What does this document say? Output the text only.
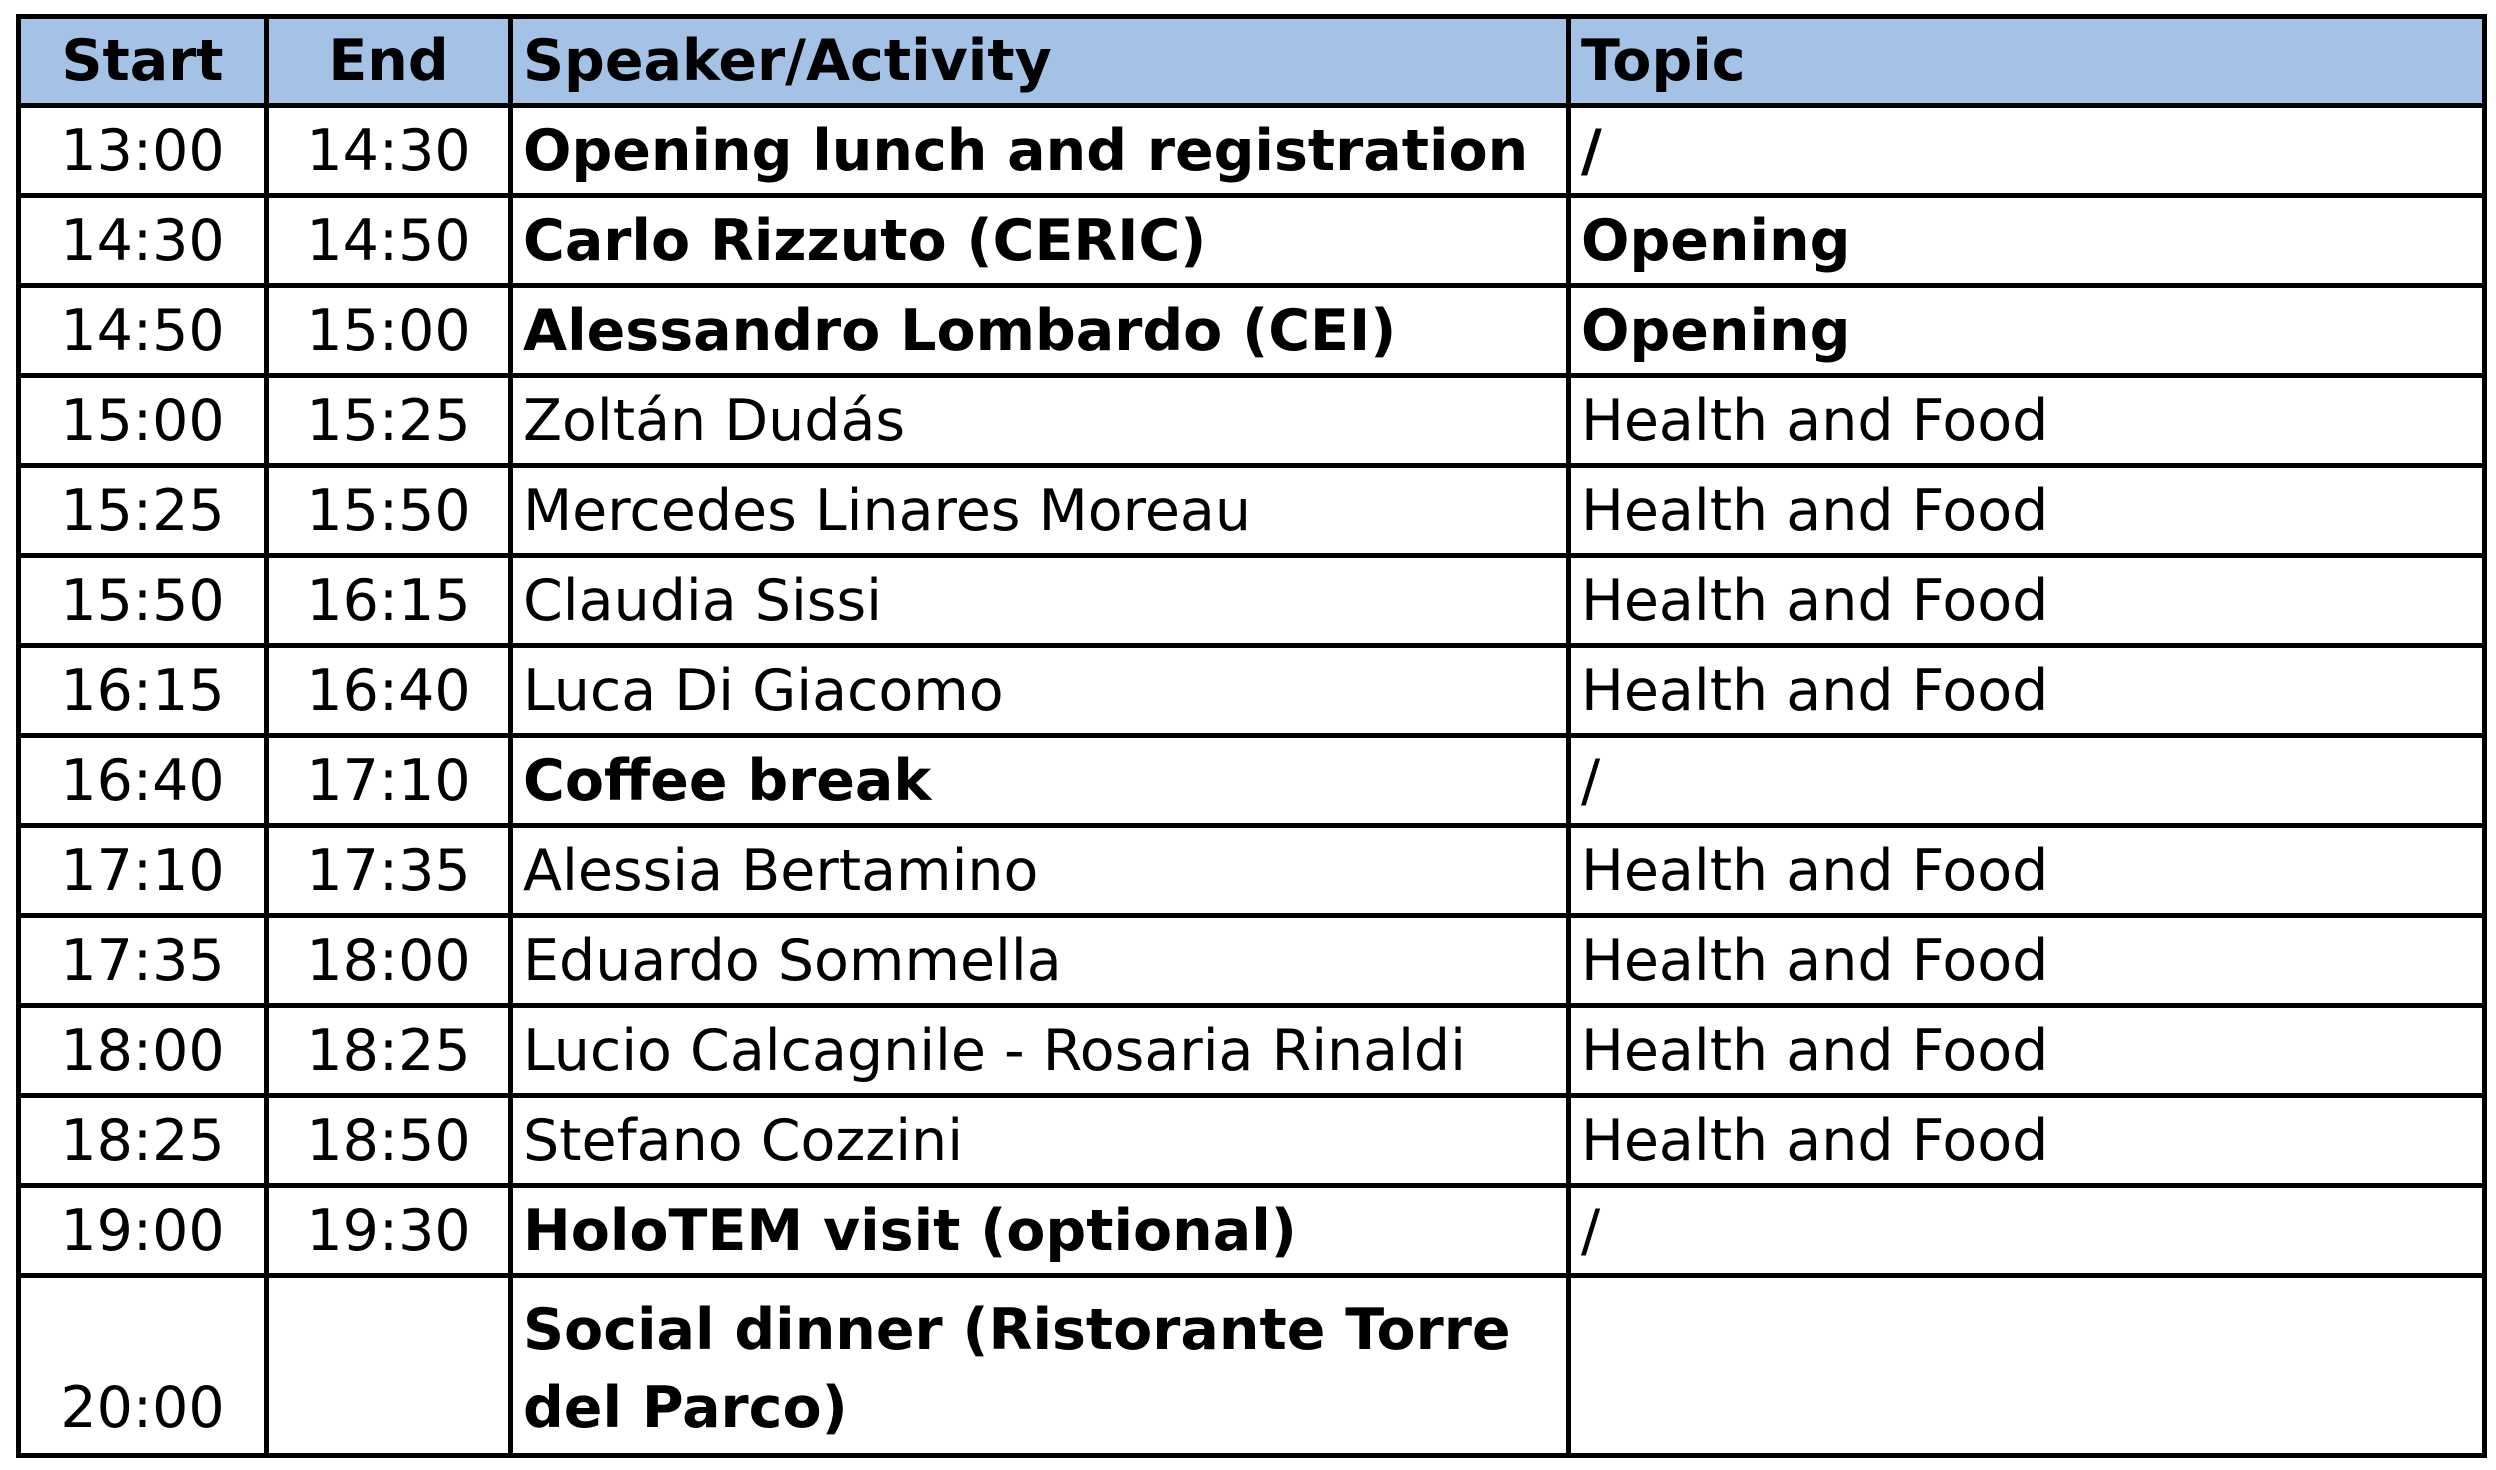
Start	End	Speaker/Activity	Topic
13:00	14:30	Opening lunch and registration	/
14:30	14:50	Carlo Rizzuto (CERIC)	Opening
14:50	15:00	Alessandro Lombardo (CEI)	Opening
15:00	15:25	Zoltán Dudás	Health and Food
15:25	15:50	Mercedes Linares Moreau	Health and Food
15:50	16:15	Claudia Sissi	Health and Food
16:15	16:40	Luca Di Giacomo	Health and Food
16:40	17:10	Coffee break	/
17:10	17:35	Alessia Bertamino	Health and Food
17:35	18:00	Eduardo Sommella	Health and Food
18:00	18:25	Lucio Calcagnile - Rosaria Rinaldi	Health and Food
18:25	18:50	Stefano Cozzini	Health and Food
19:00	19:30	HoloTEM visit (optional)	/
20:00		Social dinner (Ristorante Torre del Parco)	
